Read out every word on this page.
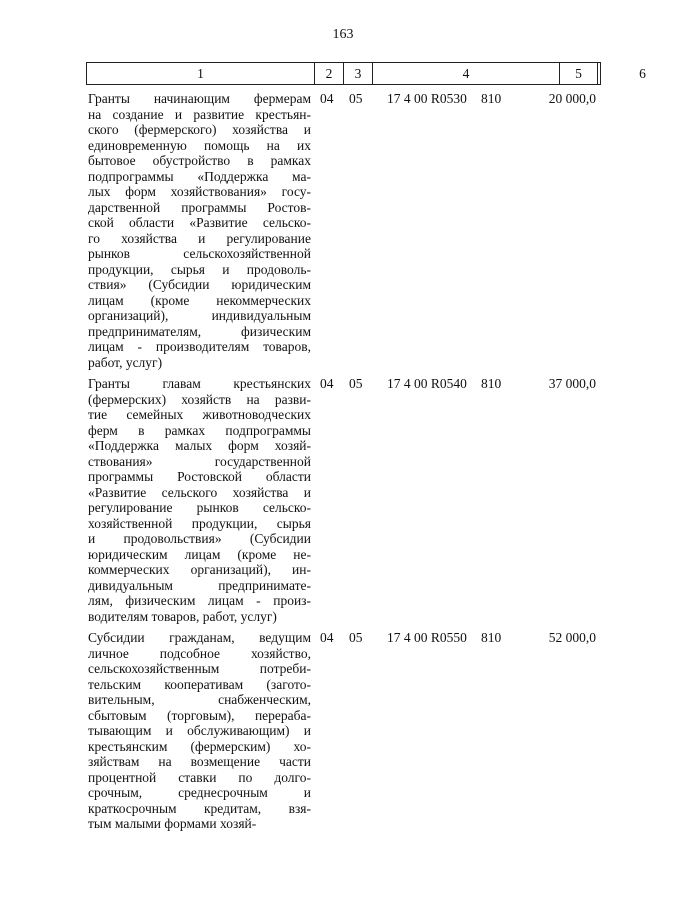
163
1	2	3	4	5	6
Гранты начинающим фермерам
на создание и развитие крестьян-
ского (фермерского) хозяйства и
единовременную помощь на их
бытовое обустройство в рамках
подпрограммы «Поддержка ма-
лых форм хозяйствования» госу-
дарственной программы Ростов-
ской области «Развитие сельско-
го хозяйства и регулирование
рынков сельскохозяйственной
продукции, сырья и продоволь-
ствия» (Субсидии юридическим
лицам (кроме некоммерческих
организаций), индивидуальным
предпринимателям, физическим
лицам - производителям товаров,
работ, услуг)
04	05	17 4 00 R0530	810	20 000,0
Гранты главам крестьянских
(фермерских) хозяйств на разви-
тие семейных животноводческих
ферм в рамках подпрограммы
«Поддержка малых форм хозяй-
ствования» государственной
программы Ростовской области
«Развитие сельского хозяйства и
регулирование рынков сельско-
хозяйственной продукции, сырья
и продовольствия» (Субсидии
юридическим лицам (кроме не-
коммерческих организаций), ин-
дивидуальным предпринимате-
лям, физическим лицам - произ-
водителям товаров, работ, услуг)
04	05	17 4 00 R0540	810	37 000,0
Субсидии гражданам, ведущим
личное подсобное хозяйство,
сельскохозяйственным потреби-
тельским кооперативам (загото-
вительным, снабженческим,
сбытовым (торговым), перераба-
тывающим и обслуживающим) и
крестьянским (фермерским) хо-
зяйствам на возмещение части
процентной ставки по долго-
срочным, среднесрочным и
краткосрочным кредитам, взя-
тым малыми формами хозяй-
04	05	17 4 00 R0550	810	52 000,0
